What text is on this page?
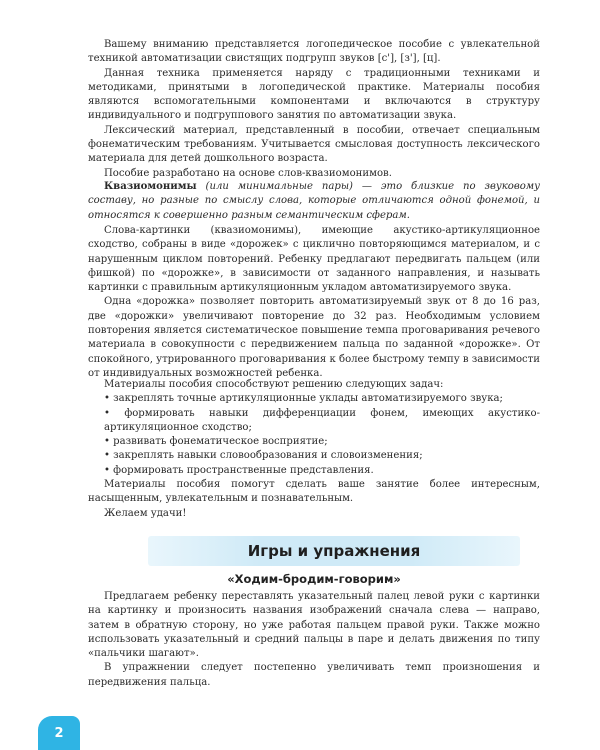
Вашему вниманию представляется логопедическое пособие с увлекательной техникой автоматизации свистящих подгрупп звуков [с'], [з'], [ц].

Данная техника применяется наряду с традиционными техниками и методиками, принятыми в логопедической практике. Материалы пособия являются вспомогательными компонентами и включаются в структуру индивидуального и подгруппового занятия по автоматизации звука.

Лексический материал, представленный в пособии, отвечает специальным фонематическим требованиям. Учитывается смысловая доступность лексического материала для детей дошкольного возраста.

Пособие разработано на основе слов-квазиомонимов.

Квазиомонимы (или минимальные пары) — это близкие по звуковому составу, но разные по смыслу слова, которые отличаются одной фонемой, и относятся к совершенно разным семантическим сферам.

Слова-картинки (квазиомонимы), имеющие акустико-артикуляционное сходство, собраны в виде «дорожек» с циклично повторяющимся материалом, и с нарушенным циклом повторений. Ребенку предлагают передвигать пальцем (или фишкой) по «дорожке», в зависимости от заданного направления, и называть картинки с правильным артикуляционным укладом автоматизируемого звука.

Одна «дорожка» позволяет повторить автоматизируемый звук от 8 до 16 раз, две «дорожки» увеличивают повторение до 32 раз. Необходимым условием повторения является систематическое повышение темпа проговаривания речевого материала в совокупности с передвижением пальца по заданной «дорожке». От спокойного, утрированного проговаривания к более быстрому темпу в зависимости от индивидуальных возможностей ребенка.

Материалы пособия способствуют решению следующих задач:

• закреплять точные артикуляционные уклады автоматизируемого звука;

• формировать навыки дифференциации фонем, имеющих акустико-артикуляционное сходство;

• развивать фонематическое восприятие;

• закреплять навыки словообразования и словоизменения;

• формировать пространственные представления.

Материалы пособия помогут сделать ваше занятие более интересным, насыщенным, увлекательным и познавательным.

Желаем удачи!

Игры и упражнения
«Ходим-бродим-говорим»

Предлагаем ребенку переставлять указательный палец левой руки с картинки на картинку и произносить названия изображений сначала слева — направо, затем в обратную сторону, но уже работая пальцем правой руки. Также можно использовать указательный и средний пальцы в паре и делать движения по типу «пальчики шагают».

В упражнении следует постепенно увеличивать темп произношения и передвижения пальца.

2
